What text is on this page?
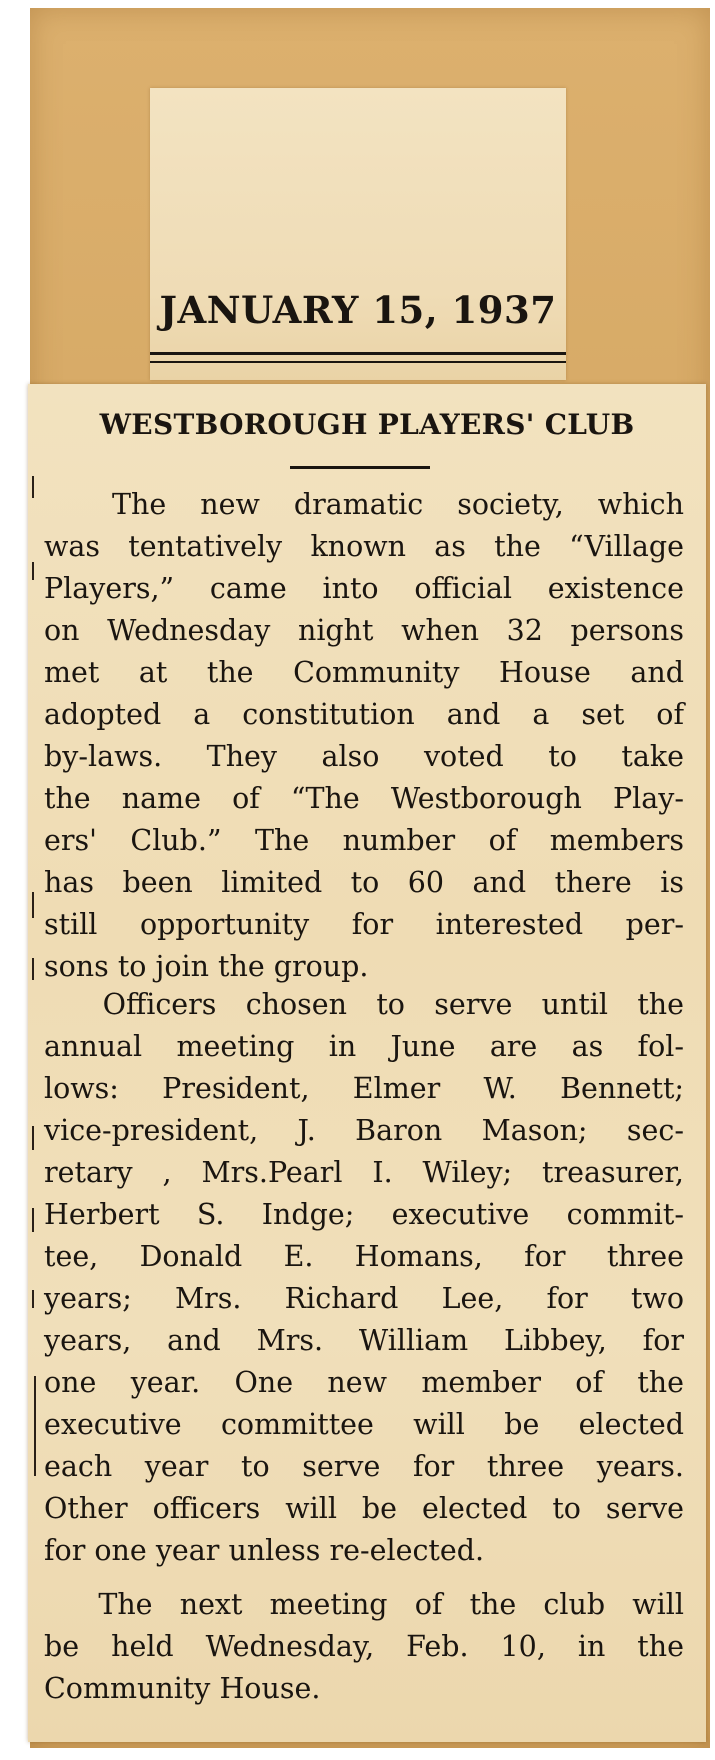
JANUARY 15, 1937
WESTBOROUGH PLAYERS' CLUB
The new dramatic society, which
was tentatively known as the “Village
Players,” came into official existence
on Wednesday night when 32 persons
met at the Community House and
adopted a constitution and a set of
by-laws. They also voted to take
the name of “The Westborough Play-
ers' Club.” The number of members
has been limited to 60 and there is
still opportunity for interested per-
sons to join the group.
Officers chosen to serve until the
annual meeting in June are as fol-
lows: President, Elmer W. Bennett;
vice-president, J. Baron Mason; sec-
retary , Mrs.Pearl I. Wiley; treasurer,
Herbert S. Indge; executive commit-
tee, Donald E. Homans, for three
years; Mrs. Richard Lee, for two
years, and Mrs. William Libbey, for
one year. One new member of the
executive committee will be elected
each year to serve for three years.
Other officers will be elected to serve
for one year unless re-elected.
The next meeting of the club will
be held Wednesday, Feb. 10, in the
Community House.
